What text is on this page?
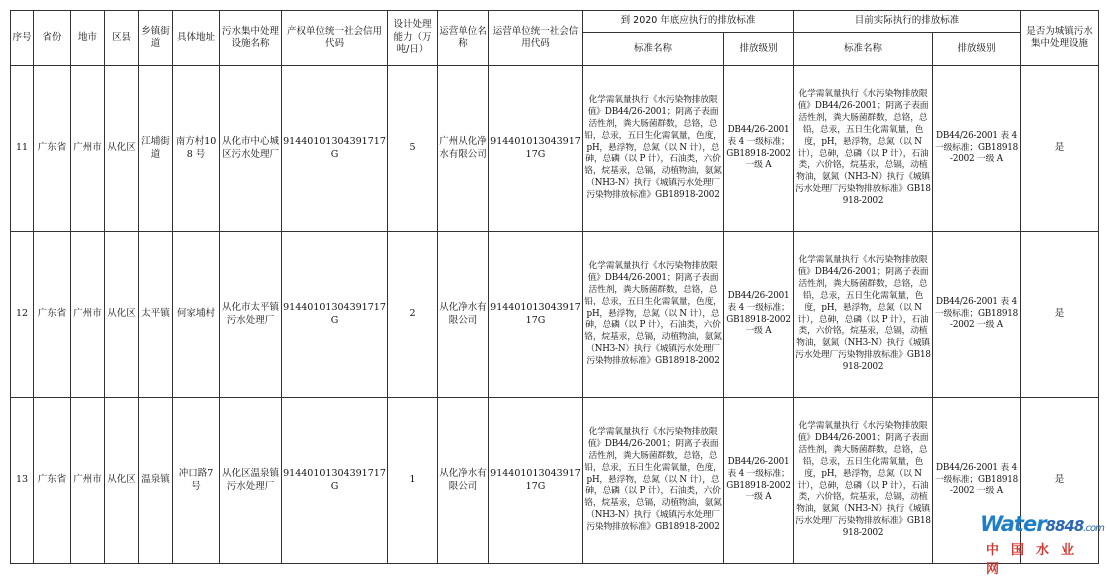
序号	省份	地市	区县	乡镇街道	具体地址	污水集中处理设施名称	产权单位统一社会信用代码	设计处理能力（万吨/日）	运营单位名称	运营单位统一社会信用代码	到 2020 年底应执行的排放标准		目前实际执行的排放标准		是否为城镇污水集中处理设施
											标准名称	排放级别	标准名称	排放级别	
11	广东省	广州市	从化区	江埔街道	南方村108 号	从化市中心城区污水处理厂	91440101304391717G	5	广州从化净水有限公司	91440101304391717G	化学需氧量执行《水污染物排放限值》DB44/26-2001；阴离子表面活性剂，粪大肠菌群数，总铬，总铅，总汞，五日生化需氧量，色度，pH，悬浮物，总氮（以 N 计），总砷，总磷（以 P 计），石油类，六价铬，烷基汞，总镉，动植物油，氨氮（NH3-N）执行《城镇污水处理厂污染物排放标准》GB18918-2002	DB44/26-2001 表 4 一级标准；GB18918-2002 一级 A	化学需氧量执行《水污染物排放限值》DB44/26-2001；阴离子表面活性剂，粪大肠菌群数，总铬，总铅，总汞，五日生化需氧量，色度，pH，悬浮物，总氮（以 N 计），总砷，总磷（以 P 计），石油类，六价铬，烷基汞，总镉，动植物油，氨氮（NH3-N）执行《城镇污水处理厂污染物排放标准》GB18918-2002	DB44/26-2001 表 4 一级标准；GB18918-2002 一级 A	是
12	广东省	广州市	从化区	太平镇	何家埔村	从化市太平镇污水处理厂	91440101304391717G	2	从化净水有限公司	91440101304391717G	化学需氧量执行《水污染物排放限值》DB44/26-2001；阴离子表面活性剂，粪大肠菌群数，总铬，总铅，总汞，五日生化需氧量，色度，pH，悬浮物，总氮（以 N 计），总砷，总磷（以 P 计），石油类，六价铬，烷基汞，总镉，动植物油，氨氮（NH3-N）执行《城镇污水处理厂污染物排放标准》GB18918-2002	DB44/26-2001 表 4 一级标准；GB18918-2002 一级 A	化学需氧量执行《水污染物排放限值》DB44/26-2001；阴离子表面活性剂，粪大肠菌群数，总铬，总铅，总汞，五日生化需氧量，色度，pH，悬浮物，总氮（以 N 计），总砷，总磷（以 P 计），石油类，六价铬，烷基汞，总镉，动植物油，氨氮（NH3-N）执行《城镇污水处理厂污染物排放标准》GB18918-2002	DB44/26-2001 表 4 一级标准；GB18918-2002 一级 A	是
13	广东省	广州市	从化区	温泉镇	冲口路7 号	从化区温泉镇污水处理厂	91440101304391717G	1	从化净水有限公司	91440101304391717G	化学需氧量执行《水污染物排放限值》DB44/26-2001；阴离子表面活性剂，粪大肠菌群数，总铬，总铅，总汞，五日生化需氧量，色度，pH，悬浮物，总氮（以 N 计），总砷，总磷（以 P 计），石油类，六价铬，烷基汞，总镉，动植物油，氨氮（NH3-N）执行《城镇污水处理厂污染物排放标准》GB18918-2002	DB44/26-2001 表 4 一级标准；GB18918-2002 一级 A	化学需氧量执行《水污染物排放限值》DB44/26-2001；阴离子表面活性剂，粪大肠菌群数，总铬，总铅，总汞，五日生化需氧量，色度，pH，悬浮物，总氮（以 N 计），总砷，总磷（以 P 计），石油类，六价铬，烷基汞，总镉，动植物油，氨氮（NH3-N）执行《城镇污水处理厂污染物排放标准》GB18918-2002	DB44/26-2001 表 4 一级标准；GB18918-2002 一级 A	是
Water8848.com
中国水业网
